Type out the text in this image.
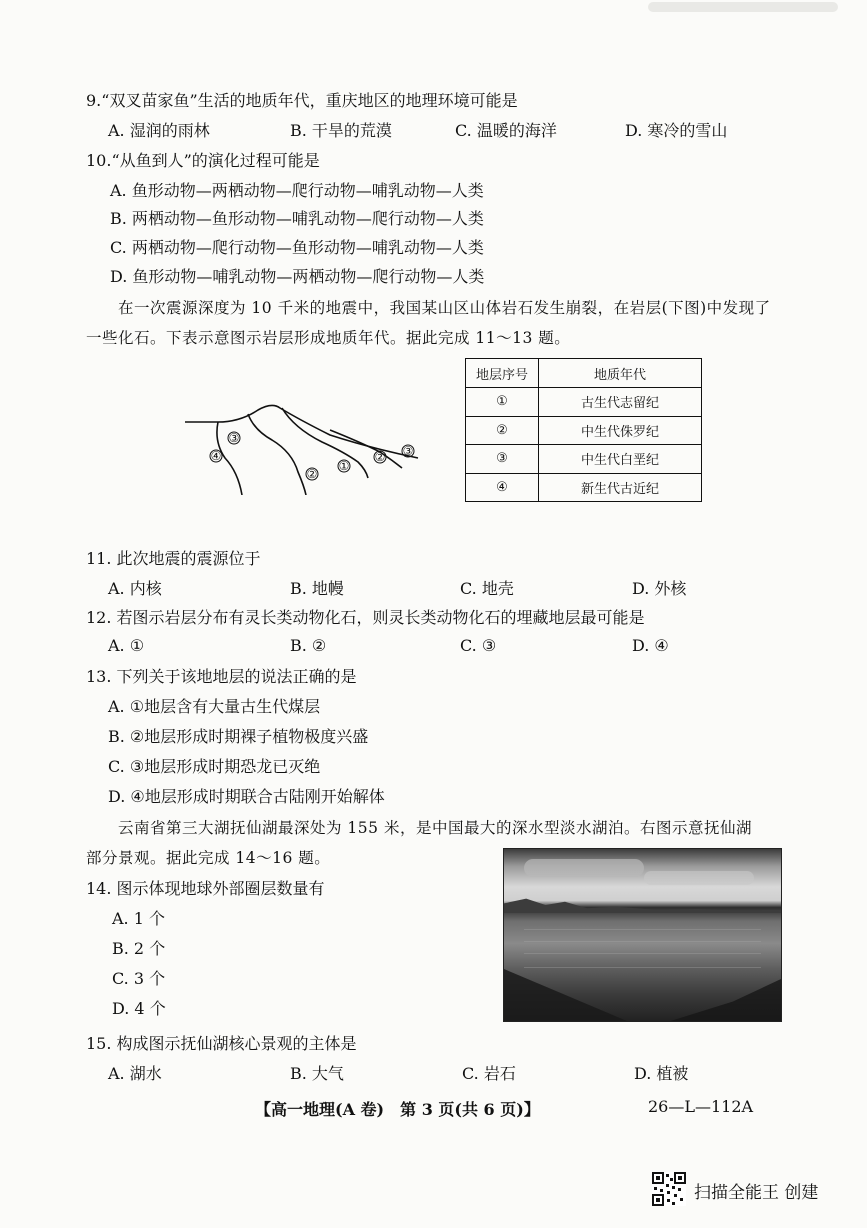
9.“双叉苗家鱼”生活的地质年代，重庆地区的地理环境可能是
A. 湿润的雨林	B. 干旱的荒漠	C. 温暖的海洋	D. 寒冷的雪山
10.“从鱼到人”的演化过程可能是
A. 鱼形动物—两栖动物—爬行动物—哺乳动物—人类
B. 两栖动物—鱼形动物—哺乳动物—爬行动物—人类
C. 两栖动物—爬行动物—鱼形动物—哺乳动物—人类
D. 鱼形动物—哺乳动物—两栖动物—爬行动物—人类
在一次震源深度为 10 千米的地震中，我国某山区山体岩石发生崩裂，在岩层(下图)中发现了
一些化石。下表示意图示岩层形成地质年代。据此完成 11～13 题。
③
④
②
①
② ③
地层序号	地质年代
①	古生代志留纪
②	中生代侏罗纪
③	中生代白垩纪
④	新生代古近纪
11. 此次地震的震源位于
A. 内核	B. 地幔	C. 地壳	D. 外核
12. 若图示岩层分布有灵长类动物化石，则灵长类动物化石的埋藏地层最可能是
A. ①	B. ②	C. ③	D. ④
13. 下列关于该地地层的说法正确的是
A. ①地层含有大量古生代煤层
B. ②地层形成时期裸子植物极度兴盛
C. ③地层形成时期恐龙已灭绝
D. ④地层形成时期联合古陆刚开始解体
云南省第三大湖抚仙湖最深处为 155 米，是中国最大的深水型淡水湖泊。右图示意抚仙湖
部分景观。据此完成 14～16 题。
14. 图示体现地球外部圈层数量有
A. 1 个
B. 2 个
C. 3 个
D. 4 个
15. 构成图示抚仙湖核心景观的主体是
A. 湖水	B. 大气	C. 岩石	D. 植被
【高一地理(A 卷)　第 3 页(共 6 页)】	26—L—112A
扫描全能王 创建
